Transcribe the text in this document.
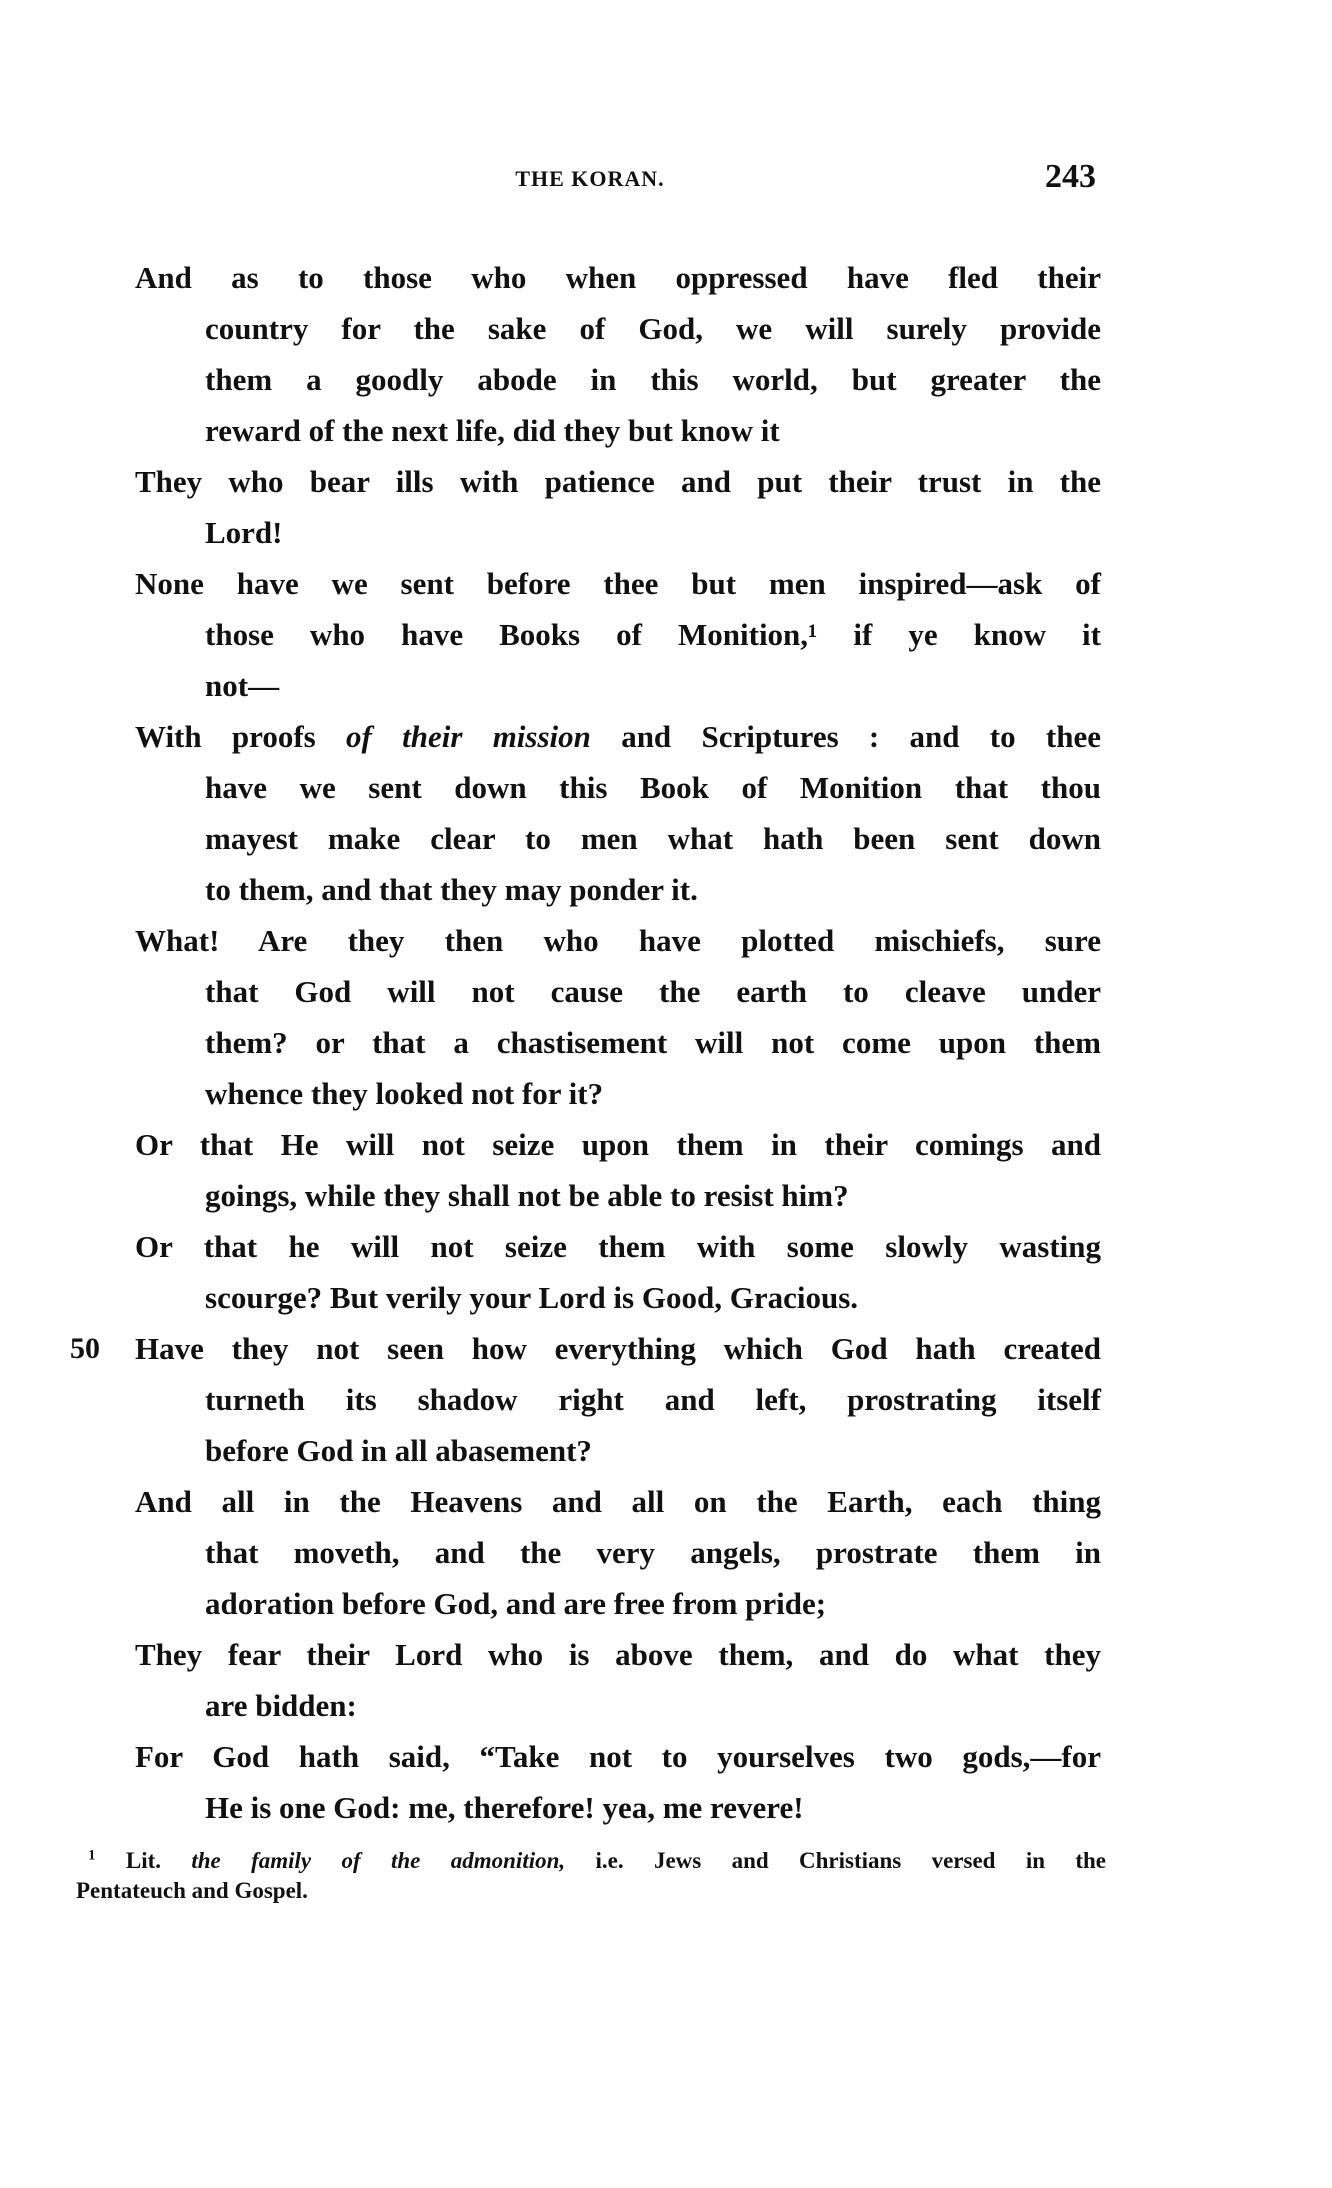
THE KORAN.	243
And as to those who when oppressed have fled their
country for the sake of God, we will surely provide
them a goodly abode in this world, but greater the
reward of the next life, did they but know it
They who bear ills with patience and put their trust in the
Lord!
None have we sent before thee but men inspired—ask of
those who have Books of Monition,¹ if ye know it
not—
With proofs of their mission and Scriptures : and to thee
have we sent down this Book of Monition that thou
mayest make clear to men what hath been sent down
to them, and that they may ponder it.
What! Are they then who have plotted mischiefs, sure
that God will not cause the earth to cleave under
them? or that a chastisement will not come upon them
whence they looked not for it?
Or that He will not seize upon them in their comings and
goings, while they shall not be able to resist him?
Or that he will not seize them with some slowly wasting
scourge? But verily your Lord is Good, Gracious.
50 Have they not seen how everything which God hath created
turneth its shadow right and left, prostrating itself
before God in all abasement?
And all in the Heavens and all on the Earth, each thing
that moveth, and the very angels, prostrate them in
adoration before God, and are free from pride;
They fear their Lord who is above them, and do what they
are bidden:
For God hath said, “Take not to yourselves two gods,—for
He is one God: me, therefore! yea, me revere!
$^1$ Lit. the family of the admonition, i.e. Jews and Christians versed in the
Pentateuch and Gospel.
